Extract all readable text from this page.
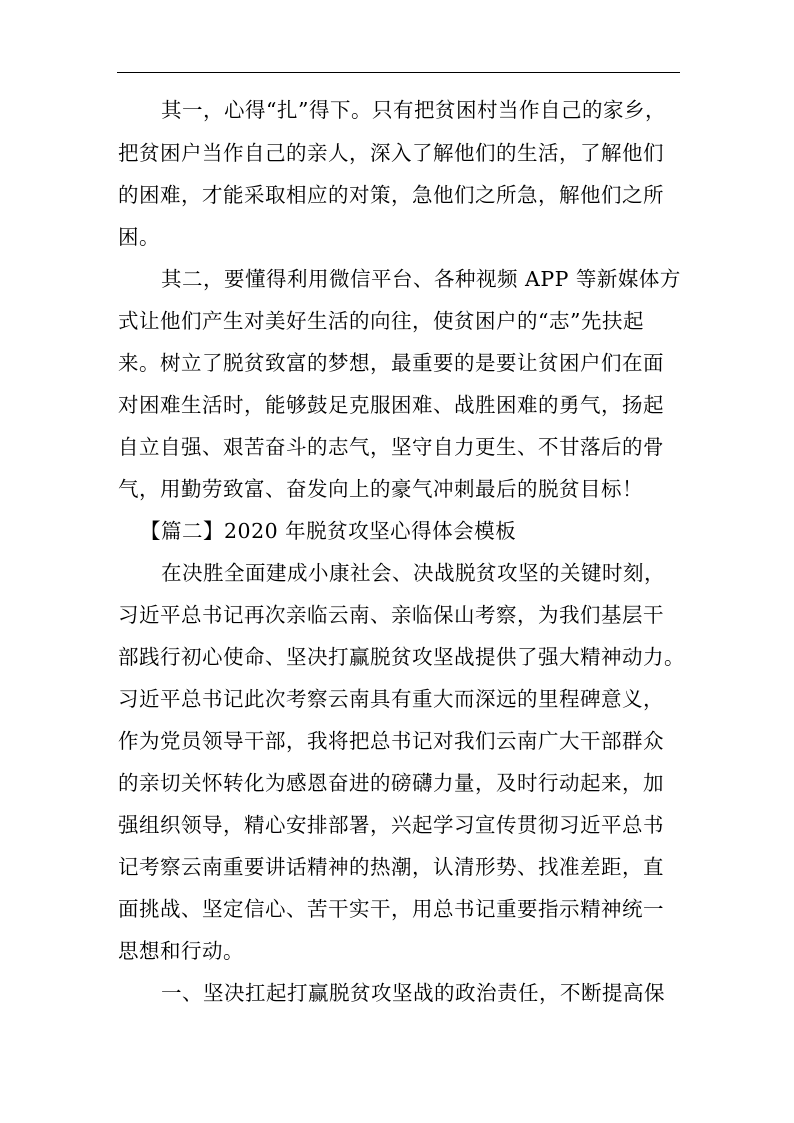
其一，心得“扎”得下。只有把贫困村当作自己的家乡，
把贫困户当作自己的亲人，深入了解他们的生活，了解他们
的困难，才能采取相应的对策，急他们之所急，解他们之所
困。
其二，要懂得利用微信平台、各种视频 APP 等新媒体方
式让他们产生对美好生活的向往，使贫困户的“志”先扶起
来。树立了脱贫致富的梦想，最重要的是要让贫困户们在面
对困难生活时，能够鼓足克服困难、战胜困难的勇气，扬起
自立自强、艰苦奋斗的志气，坚守自力更生、不甘落后的骨
气，用勤劳致富、奋发向上的豪气冲刺最后的脱贫目标！
【篇二】2020 年脱贫攻坚心得体会模板
在决胜全面建成小康社会、决战脱贫攻坚的关键时刻，
习近平总书记再次亲临云南、亲临保山考察，为我们基层干
部践行初心使命、坚决打赢脱贫攻坚战提供了强大精神动力。
习近平总书记此次考察云南具有重大而深远的里程碑意义，
作为党员领导干部，我将把总书记对我们云南广大干部群众
的亲切关怀转化为感恩奋进的磅礴力量，及时行动起来，加
强组织领导，精心安排部署，兴起学习宣传贯彻习近平总书
记考察云南重要讲话精神的热潮，认清形势、找准差距，直
面挑战、坚定信心、苦干实干，用总书记重要指示精神统一
思想和行动。
一、坚决扛起打赢脱贫攻坚战的政治责任，不断提高保
